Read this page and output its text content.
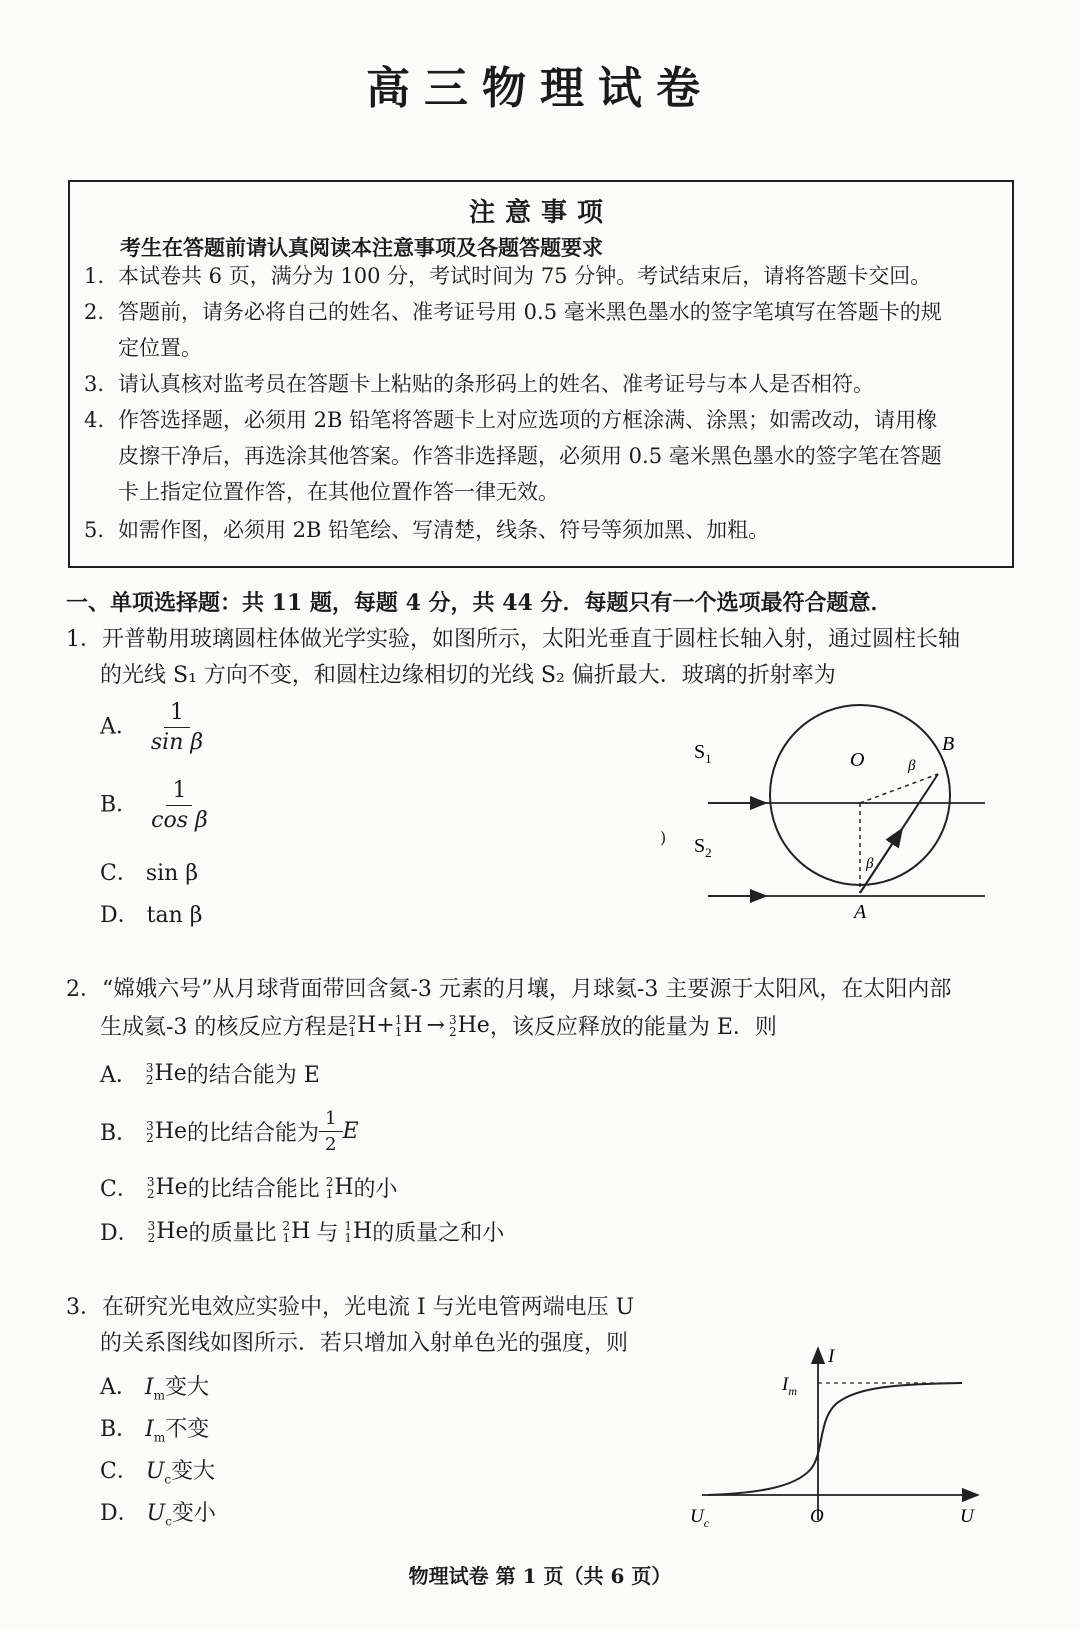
高三物理试卷
注意事项
考生在答题前请认真阅读本注意事项及各题答题要求
1. 本试卷共 6 页，满分为 100 分，考试时间为 75 分钟。考试结束后，请将答题卡交回。
2. 答题前，请务必将自己的姓名、准考证号用 0.5 毫米黑色墨水的签字笔填写在答题卡的规
定位置。
3. 请认真核对监考员在答题卡上粘贴的条形码上的姓名、准考证号与本人是否相符。
4. 作答选择题，必须用 2B 铅笔将答题卡上对应选项的方框涂满、涂黑；如需改动，请用橡
皮擦干净后，再选涂其他答案。作答非选择题，必须用 0.5 毫米黑色墨水的签字笔在答题
卡上指定位置作答，在其他位置作答一律无效。
5. 如需作图，必须用 2B 铅笔绘、写清楚，线条、符号等须加黑、加粗。
一、单项选择题：共 11 题，每题 4 分，共 44 分．每题只有一个选项最符合题意．
1．开普勒用玻璃圆柱体做光学实验，如图所示，太阳光垂直于圆柱长轴入射，通过圆柱长轴
的光线 S₁ 方向不变，和圆柱边缘相切的光线 S₂ 偏折最大．玻璃的折射率为
A． $\frac{1}{\text{sin β}}$
B． $\frac{1}{\text{cos β}}$
C． sin β
D． tan β
$S_1$
$S_2$
O
B
A
β
β
)
2．“嫦娥六号”从月球背面带回含氦-3 元素的月壤，月球氦-3 主要源于太阳风，在太阳内部
生成氦-3 的核反应方程是 2
1 H + 1
1 H → 3
2 He ，该反应释放的能量为 E．则
A． 3
2 He 的结合能为 E
B． 3
2 He 的比结合能为 $\frac{1}{2}$ E
C． 3
2 He 的比结合能比 2
1 H 的小
D． 3
2 He 的质量比 2
1 H 与 1
1 H 的质量之和小
3．在研究光电效应实验中，光电流 I 与光电管两端电压 U
的关系图线如图所示．若只增加入射单色光的强度，则
A． $I_m$变大
B． $I_m$不变
C． $U_c$变大
D． $U_c$变小
I
$I_m$
$U_c$	O	U
物理试卷 第 1 页（共 6 页）
